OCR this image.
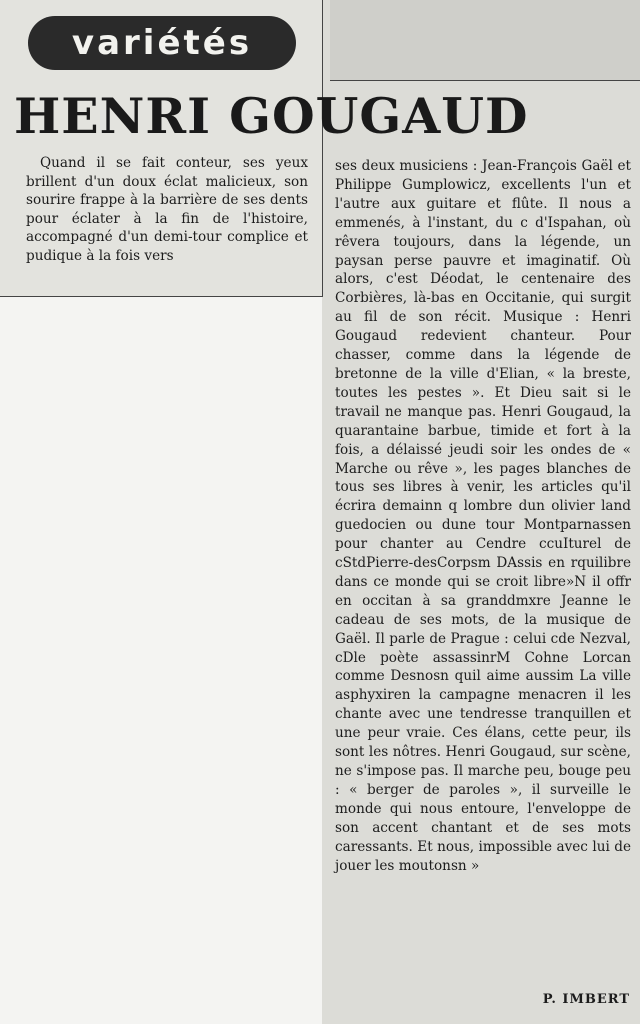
variétés
HENRI GOUGAUD

Quand il se fait conteur, ses yeux brillent d'un doux éclat malicieux, son sourire frappe à la barrière de ses dents pour éclater à la fin de l'histoire, accompagné d'un demi-tour complice et pudique à la fois vers

ses deux musiciens : Jean-François Gaël et Philippe Gumplowicz, excellents l'un et l'autre aux guitare et flûte. Il nous a emmenés, à l'instant, du c d'Ispahan, où rêvera toujours, dans la légende, un paysan perse pauvre et imaginatif. Où alors, c'est Déodat, le centenaire des Corbières, là-bas en Occitanie, qui surgit au fil de son récit. Musique : Henri Gougaud redevient chanteur. Pour chasser, comme dans la légende de bretonne de la ville d'Elian, « la breste, toutes les pestes ». Et Dieu sait si le travail ne manque pas. Henri Gougaud, la quarantaine barbue, timide et fort à la fois, a délaissé jeudi soir les ondes de « Marche ou rêve », les pages blanches de tous ses libres à venir, les articles qu'il écrira demainn q lombre dun olivier land guedocien ou dune tour Montparnassen pour chanter au Cendre ccuIturel de cStdPierre-desCorpsm DAssis en rquilibre dans ce monde qui se croit libre»N il offr en occitan à sa granddmxre Jeanne le cadeau de ses mots, de la musique de Gaël. Il parle de Prague : celui cde Nezval, cDle poète assassinrM Cohne Lorcan comme Desnosn quil aime aussim La ville asphyxiren la campagne menacren il les chante avec une tendresse tranquillen et une peur vraie. Ces élans, cette peur, ils sont les nôtres. Henri Gougaud, sur scène, ne s'impose pas. Il marche peu, bouge peu : « berger de paroles », il surveille le monde qui nous entoure, l'enveloppe de son accent chantant et de ses mots caressants. Et nous, impossible avec lui de jouer les moutonsn »

P. IMBERT
